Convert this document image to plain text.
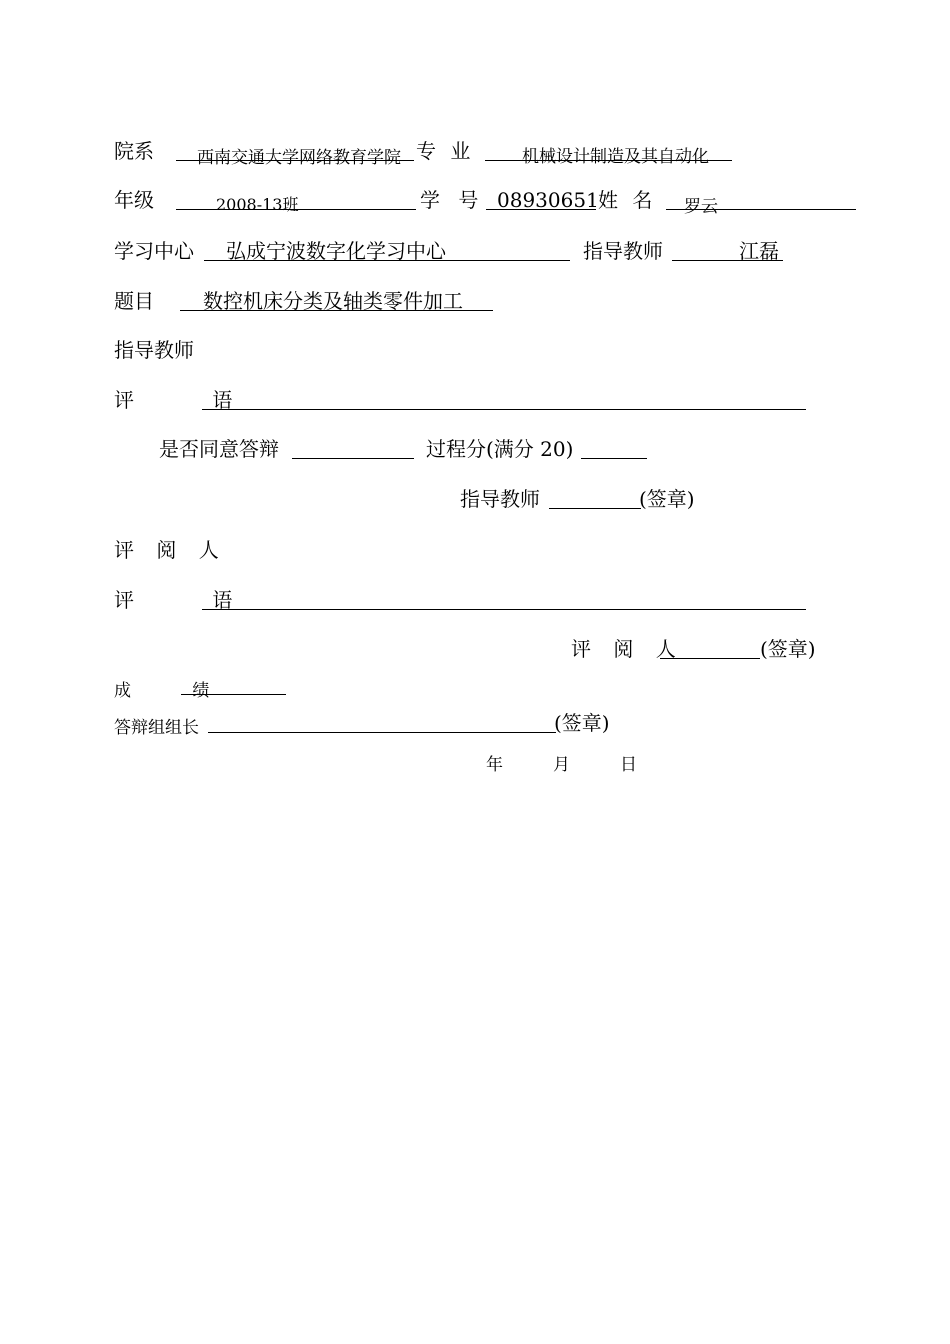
院系	西南交通大学网络教育学院 专 业	机械设计制造及其自动化
年级	2008-13班	学 号 08930651 姓 名 罗云
学习中心 弘成宁波数字化学习中心	指导教师	江磊
题目 数控机床分类及轴类零件加工
指导教师
评 语
是否同意答辩	过程分(满分 20)
指导教师	(签章)
评 阅 人
评 语
评 阅 人	(签章)
成 绩
答辩组组长	(签章)
年	月	日
